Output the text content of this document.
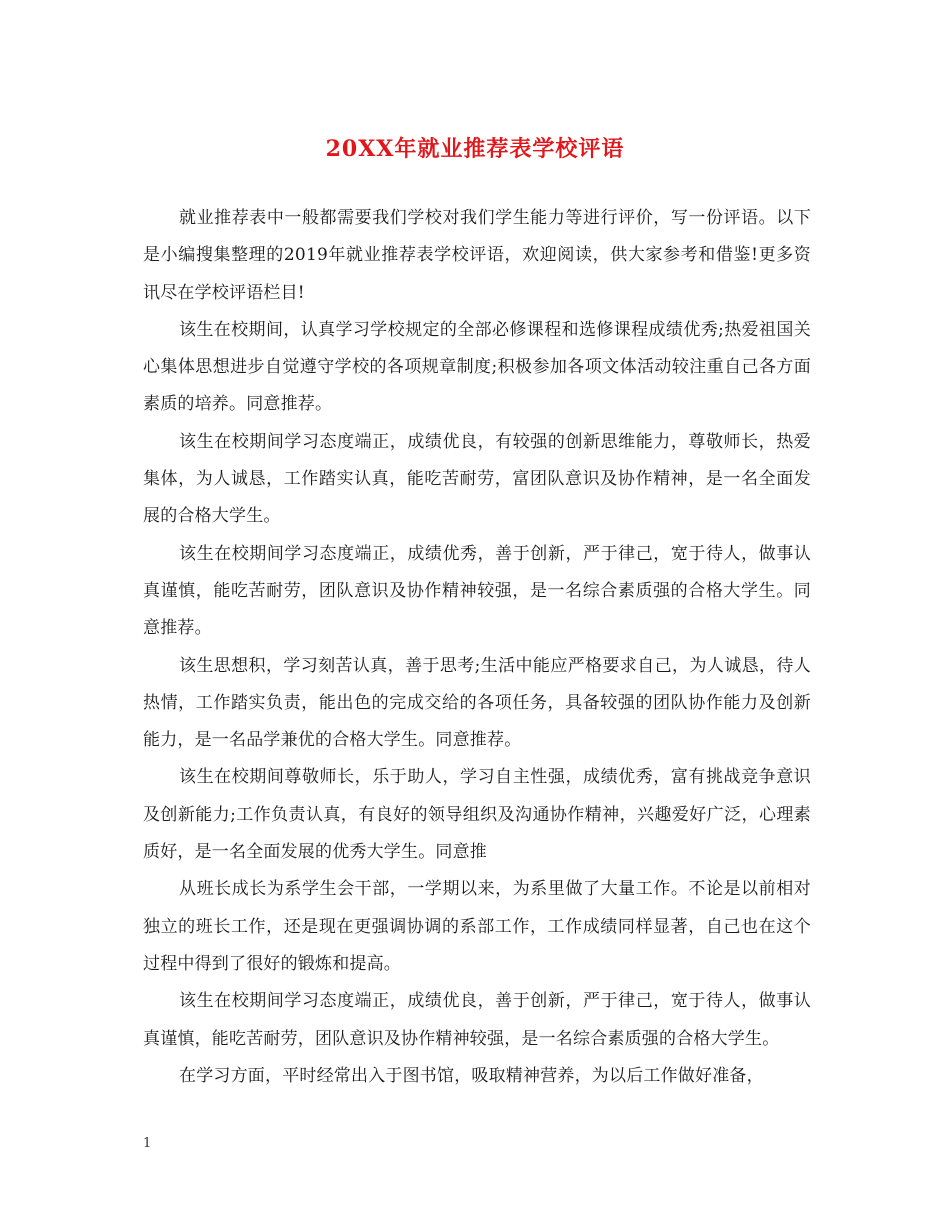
20XX年就业推荐表学校评语

就业推荐表中一般都需要我们学校对我们学生能力等进行评价，写一份评语。以下是小编搜集整理的2019年就业推荐表学校评语，欢迎阅读，供大家参考和借鉴!更多资讯尽在学校评语栏目!

该生在校期间，认真学习学校规定的全部必修课程和选修课程成绩优秀;热爱祖国关心集体思想进步自觉遵守学校的各项规章制度;积极参加各项文体活动较注重自己各方面素质的培养。同意推荐。

该生在校期间学习态度端正，成绩优良，有较强的创新思维能力，尊敬师长，热爱集体，为人诚恳，工作踏实认真，能吃苦耐劳，富团队意识及协作精神，是一名全面发展的合格大学生。

该生在校期间学习态度端正，成绩优秀，善于创新，严于律己，宽于待人，做事认真谨慎，能吃苦耐劳，团队意识及协作精神较强，是一名综合素质强的合格大学生。同意推荐。

该生思想积，学习刻苦认真，善于思考;生活中能应严格要求自己，为人诚恳，待人热情，工作踏实负责，能出色的完成交给的各项任务，具备较强的团队协作能力及创新能力，是一名品学兼优的合格大学生。同意推荐。

该生在校期间尊敬师长，乐于助人，学习自主性强，成绩优秀，富有挑战竞争意识及创新能力;工作负责认真，有良好的领导组织及沟通协作精神，兴趣爱好广泛，心理素质好，是一名全面发展的优秀大学生。同意推

从班长成长为系学生会干部，一学期以来，为系里做了大量工作。不论是以前相对独立的班长工作，还是现在更强调协调的系部工作，工作成绩同样显著，自己也在这个过程中得到了很好的锻炼和提高。

该生在校期间学习态度端正，成绩优良，善于创新，严于律己，宽于待人，做事认真谨慎，能吃苦耐劳，团队意识及协作精神较强，是一名综合素质强的合格大学生。

在学习方面，平时经常出入于图书馆，吸取精神营养，为以后工作做好准备，

1
